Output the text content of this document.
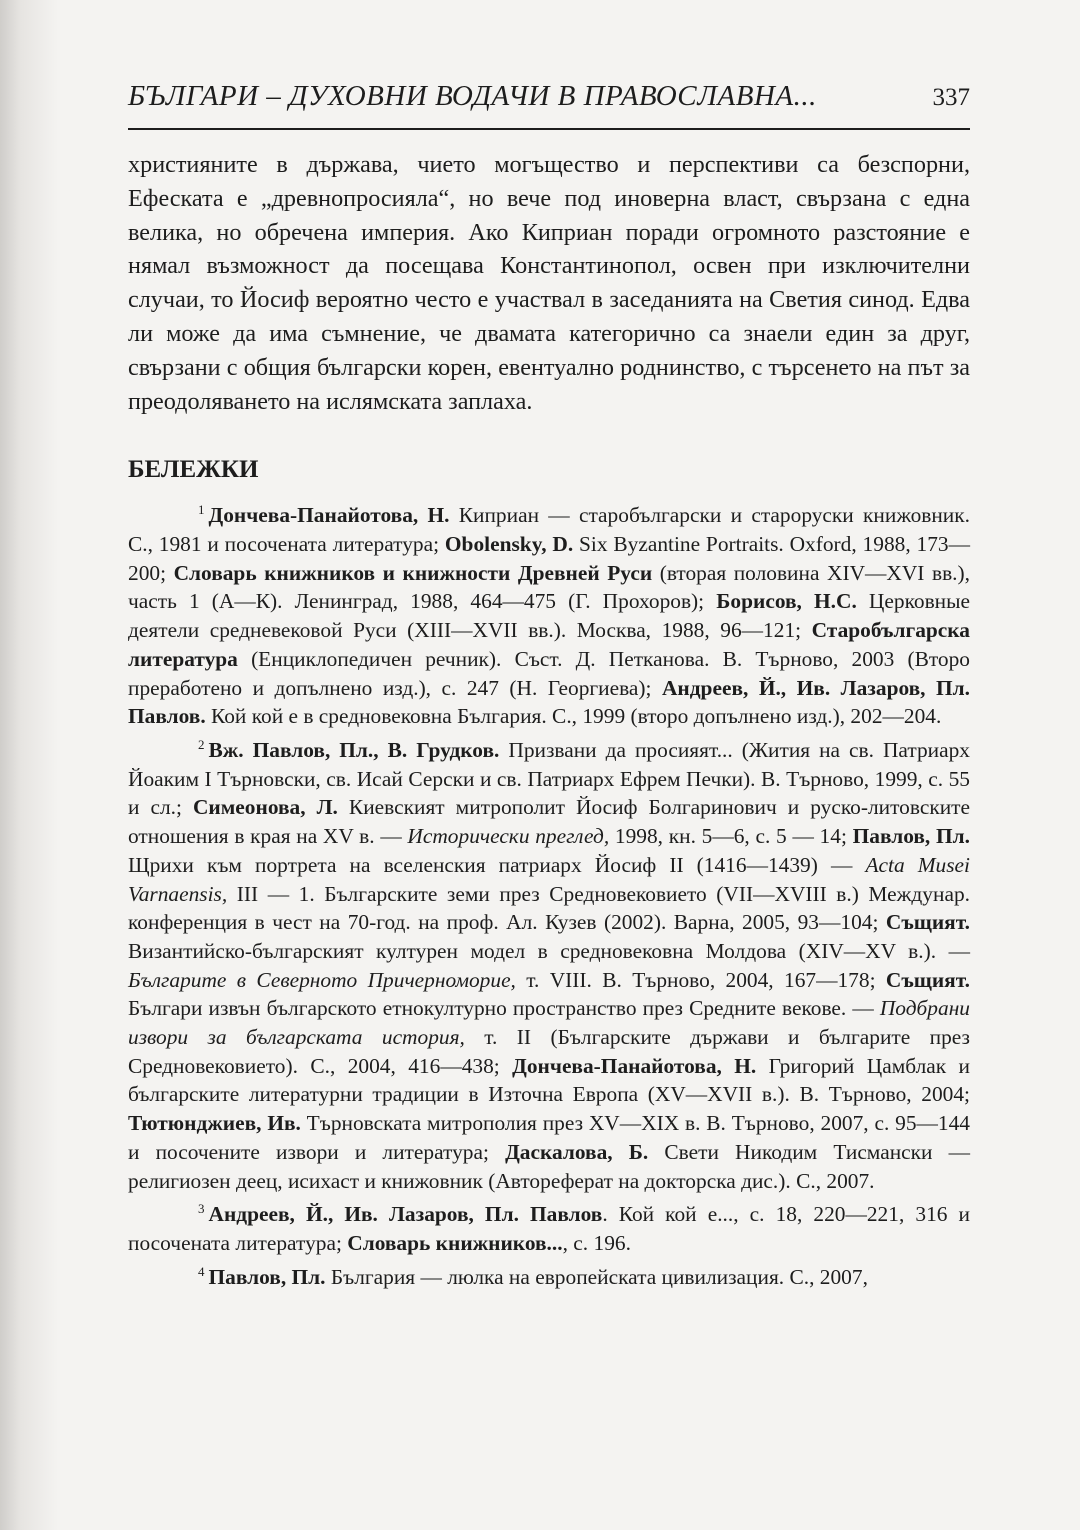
БЪЛГАРИ – ДУХОВНИ ВОДАЧИ В ПРАВОСЛАВНА...	337

християните в държава, чието могъщество и перспективи са безспорни, Ефеската е „древнопросияла“, но вече под иноверна власт, свързана с една велика, но обречена империя. Ако Киприан поради огромното разстояние е нямал възможност да посещава Константинопол, освен при изключителни случаи, то Йосиф вероятно често е участвал в заседанията на Светия синод. Едва ли може да има съмнение, че двамата категорично са знаели един за друг, свързани с общия български корен, евентуално роднинство, с търсенето на път за преодоляването на ислямската заплаха.

БЕЛЕЖКИ

$^1$ Дончева-Панайотова, Н. Киприан — старобългарски и староруски книжовник. С., 1981 и посочената литература; Obolensky, D. Six Byzantine Portraits. Oxford, 1988, 173—200; Словарь книжников и книжности Древней Руси (вторая половина XIV—XVI вв.), часть 1 (А—К). Ленинград, 1988, 464—475 (Г. Прохоров); Борисов, Н.С. Церковные деятели средневековой Руси (XIII—XVII вв.). Москва, 1988, 96—121; Старобългарска литература (Енциклопедичен речник). Съст. Д. Петканова. В. Търново, 2003 (Второ преработено и допълнено изд.), с. 247 (Н. Георгиева); Андреев, Й., Ив. Лазаров, Пл. Павлов. Кой кой е в средновековна България. С., 1999 (второ допълнено изд.), 202—204.

$^2$ Вж. Павлов, Пл., В. Грудков. Призвани да просияят... (Жития на св. Патриарх Йоаким I Търновски, св. Исай Серски и св. Патриарх Ефрем Печки). В. Търново, 1999, с. 55 и сл.; Симеонова, Л. Киевският митрополит Йосиф Болгаринович и руско-литовските отношения в края на XV в. — Исторически преглед, 1998, кн. 5—6, с. 5 — 14; Павлов, Пл. Щрихи към портрета на вселенския патриарх Йосиф II (1416—1439) — Acta Musei Varnaensis, III — 1. Българските земи през Средновековието (VII—XVIII в.) Междунар. конференция в чест на 70-год. на проф. Ал. Кузев (2002). Варна, 2005, 93—104; Същият. Византийско-българският културен модел в средновековна Молдова (XIV—XV в.). — Българите в Северното Причерноморие, т. VIII. В. Търново, 2004, 167—178; Същият. Българи извън българското етнокултурно пространство през Средните векове. — Подбрани извори за българската история, т. II (Българските държави и българите през Средновековието). С., 2004, 416—438; Дончева-Панайотова, Н. Григорий Цамблак и българските литературни традиции в Източна Европа (XV—XVII в.). В. Търново, 2004; Тютюнджиев, Ив. Търновската митрополия през XV—XIX в. В. Търново, 2007, с. 95—144 и посочените извори и литература; Даскалова, Б. Свети Никодим Тисмански — религиозен деец, исихаст и книжовник (Автореферат на докторска дис.). С., 2007.

$^3$ Андреев, Й., Ив. Лазаров, Пл. Павлов. Кой кой е..., с. 18, 220—221, 316 и посочената литература; Словарь книжников..., с. 196.

$^4$ Павлов, Пл. България — люлка на европейската цивилизация. С., 2007,
